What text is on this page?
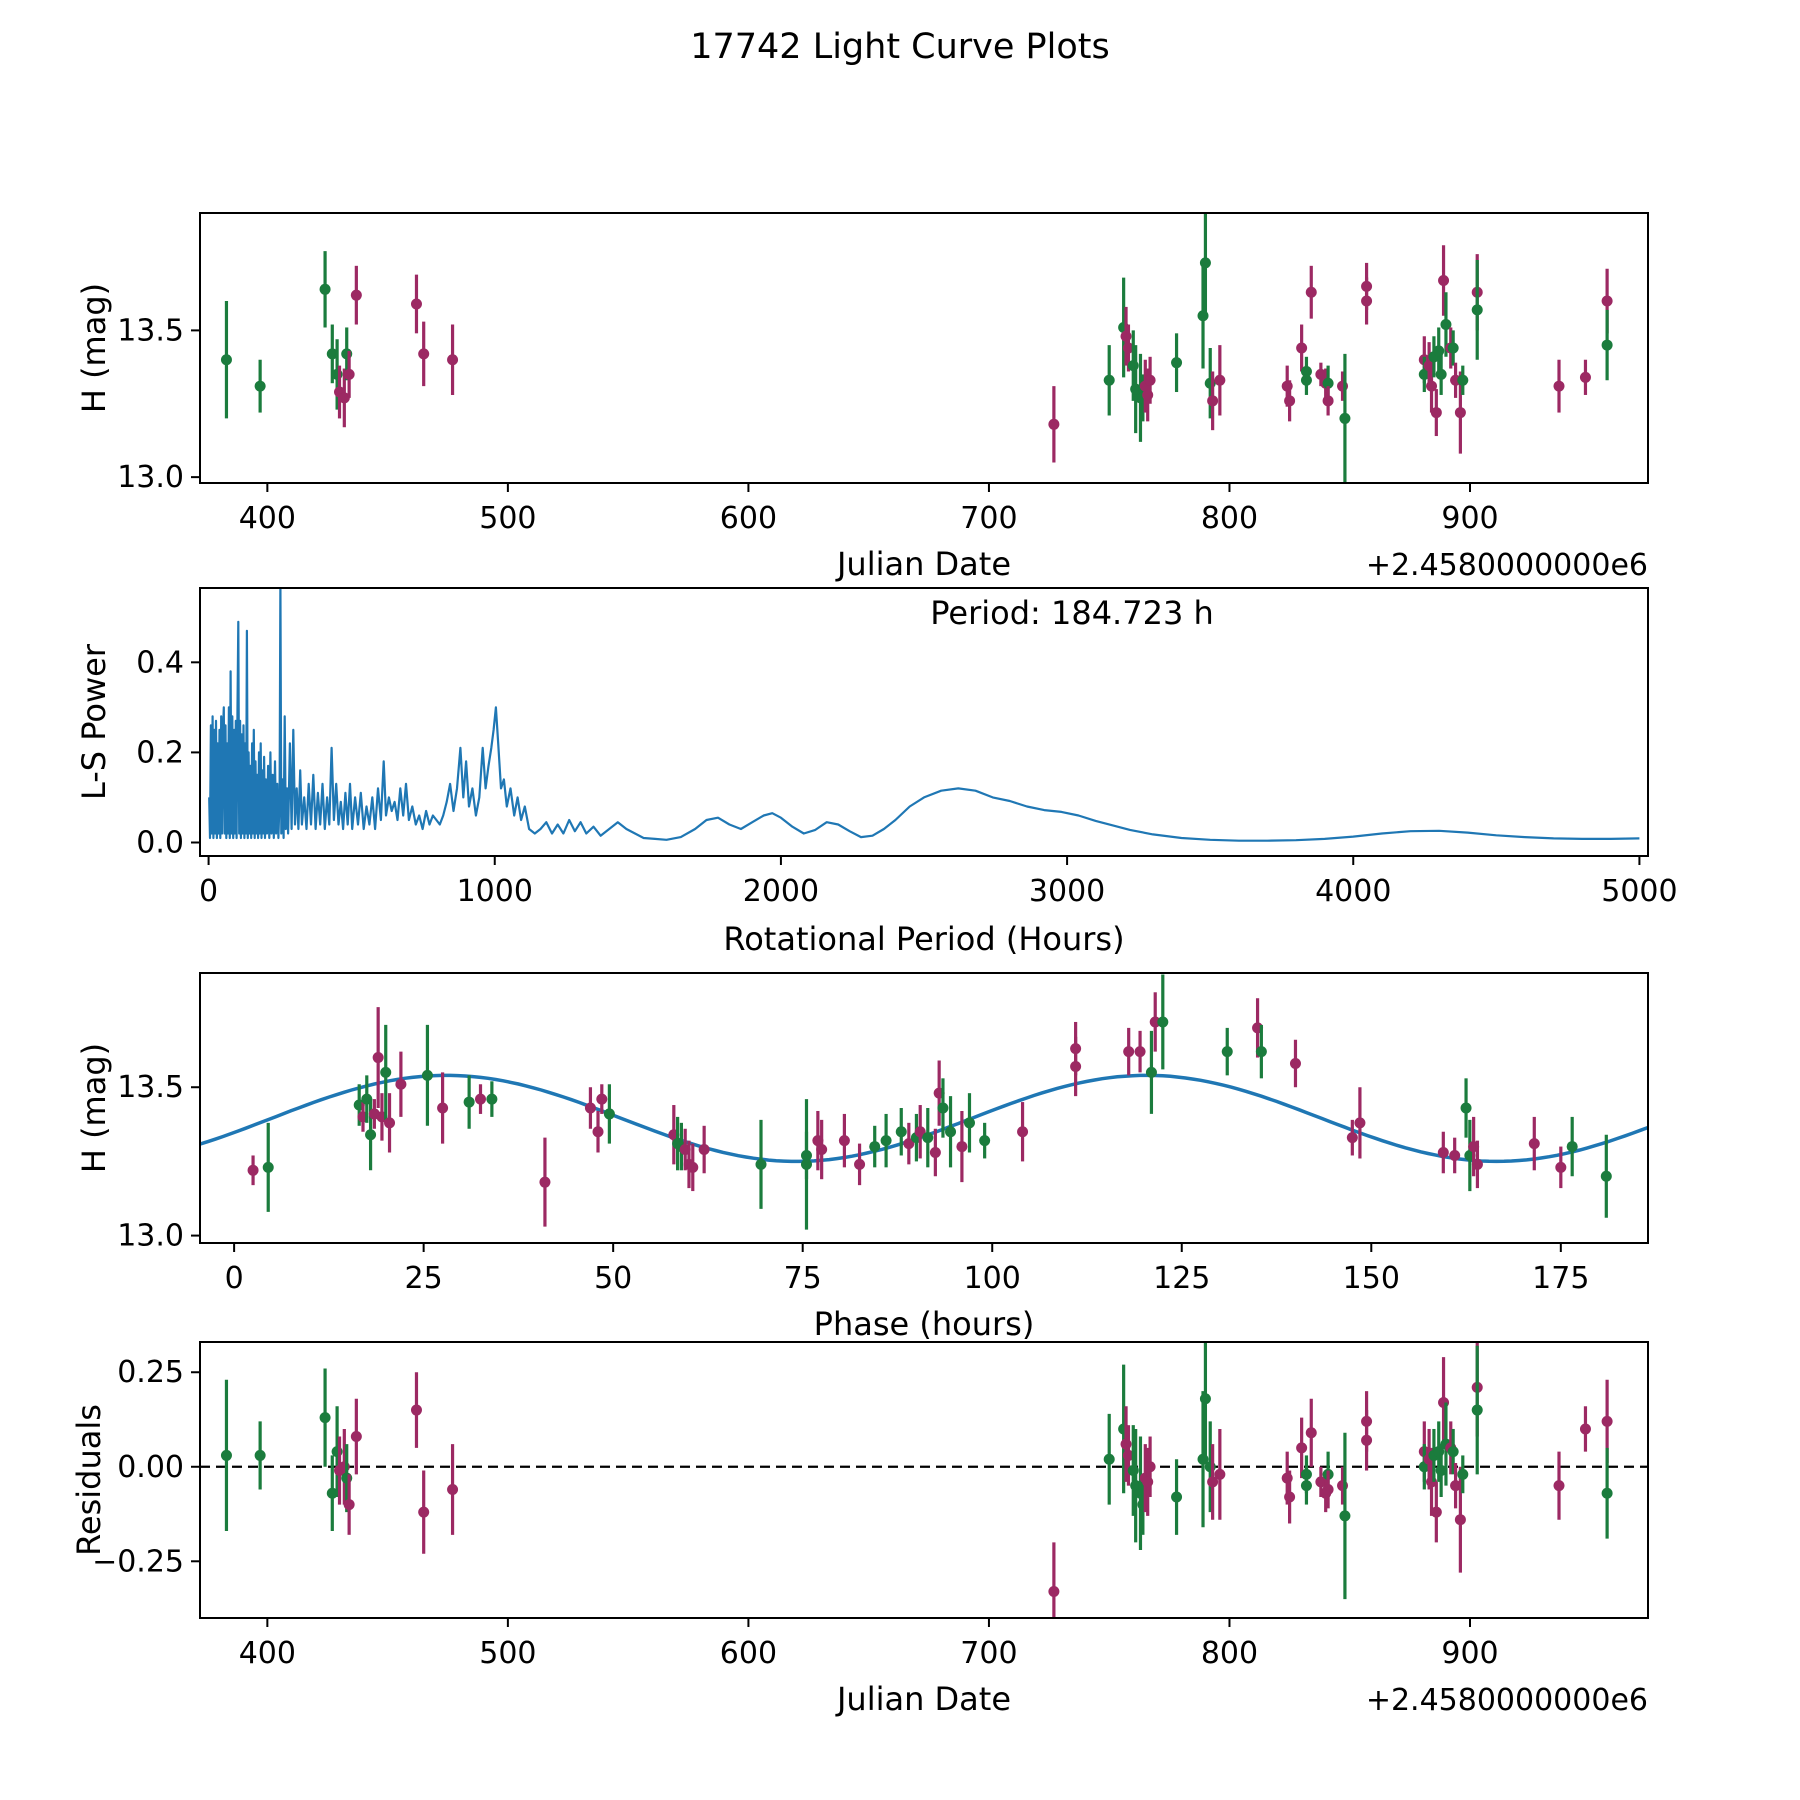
17742 Light Curve Plots
400	500	600	700	800	900
13.0
13.5
H (mag)
Julian Date	+2.4580000000e6
0	1000	2000	3000	4000	5000
0.0
0.2
0.4
L-S Power
Rotational Period (Hours)
Period: 184.723 h
0	25	50	75	100	125	150	175
13.0
13.5
H (mag)
Phase (hours)
400	500	600	700	800	900
−0.25
0.00
0.25
Residuals
Julian Date	+2.4580000000e6
